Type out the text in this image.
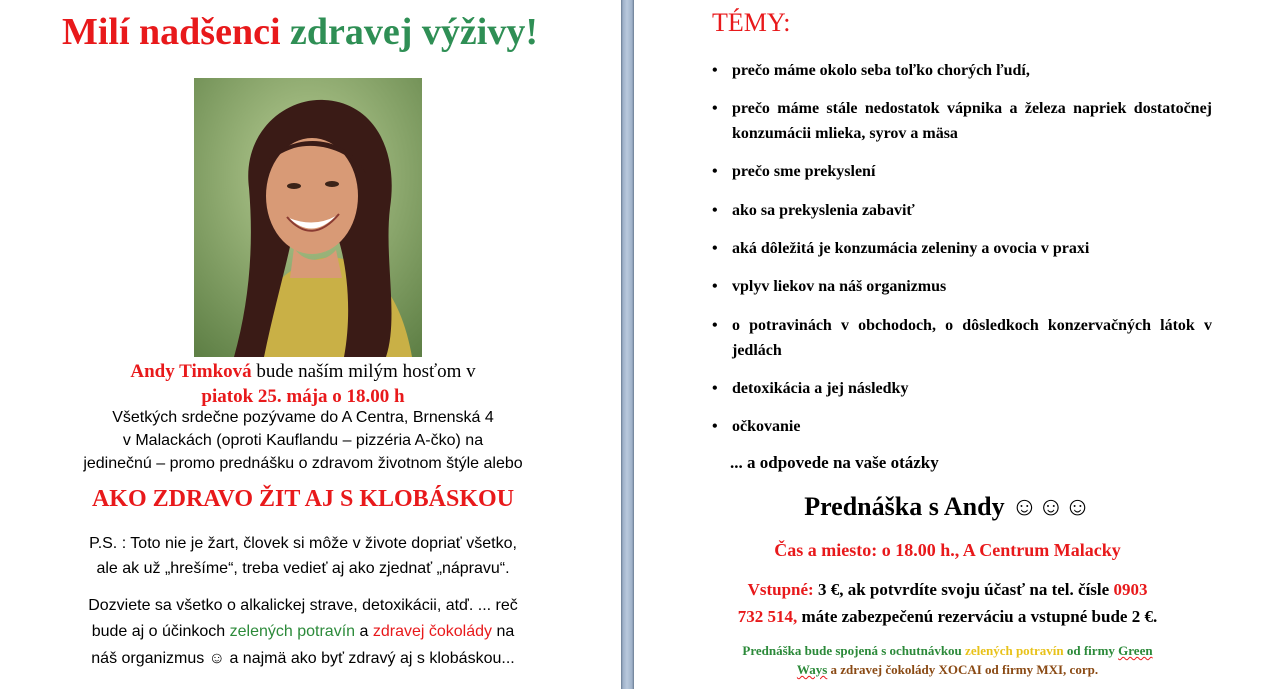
Milí nadšenci zdravej výživy!
Andy Timková bude naším milým hosťom v
piatok 25. mája o 18.00 h
Všetkých srdečne pozývame do A Centra, Brnenská 4
v Malackách (oproti Kauflandu – pizzéria A-čko) na
jedinečnú – promo prednášku o zdravom životnom štýle alebo
AKO ZDRAVO ŽIT AJ S KLOBÁSKOU
P.S. : Toto nie je žart, človek si môže v živote dopriať všetko,
ale ak už „hrešíme“, treba vedieť aj ako zjednať „nápravu“.
Dozviete sa všetko o alkalickej strave, detoxikácii, atď. ... reč
bude aj o účinkoch zelených potravín a zdravej čokolády na
náš organizmus ☺ a najmä ako byť zdravý aj s klobáskou...
TÉMY:
• prečo máme okolo seba toľko chorých ľudí,
• prečo máme stále nedostatok vápnika a železa napriek dostatočnej konzumácii mlieka, syrov a mäsa
• prečo sme prekyslení
• ako sa prekyslenia zabaviť
• aká dôležitá je konzumácia zeleniny a ovocia v praxi
• vplyv liekov na náš organizmus
• o potravinách v obchodoch, o dôsledkoch konzervačných látok v jedlách
• detoxikácia a jej následky
• očkovanie
... a odpovede na vaše otázky
Prednáška s Andy ☺☺☺
Čas a miesto: o 18.00 h., A Centrum Malacky
Vstupné: 3 €, ak potvrdíte svoju účasť na tel. čísle 0903
732 514, máte zabezpečenú rezerváciu a vstupné bude 2 €.
Prednáška bude spojená s ochutnávkou zelených potravín od firmy Green
Ways a zdravej čokolády XOCAI od firmy MXI, corp.
